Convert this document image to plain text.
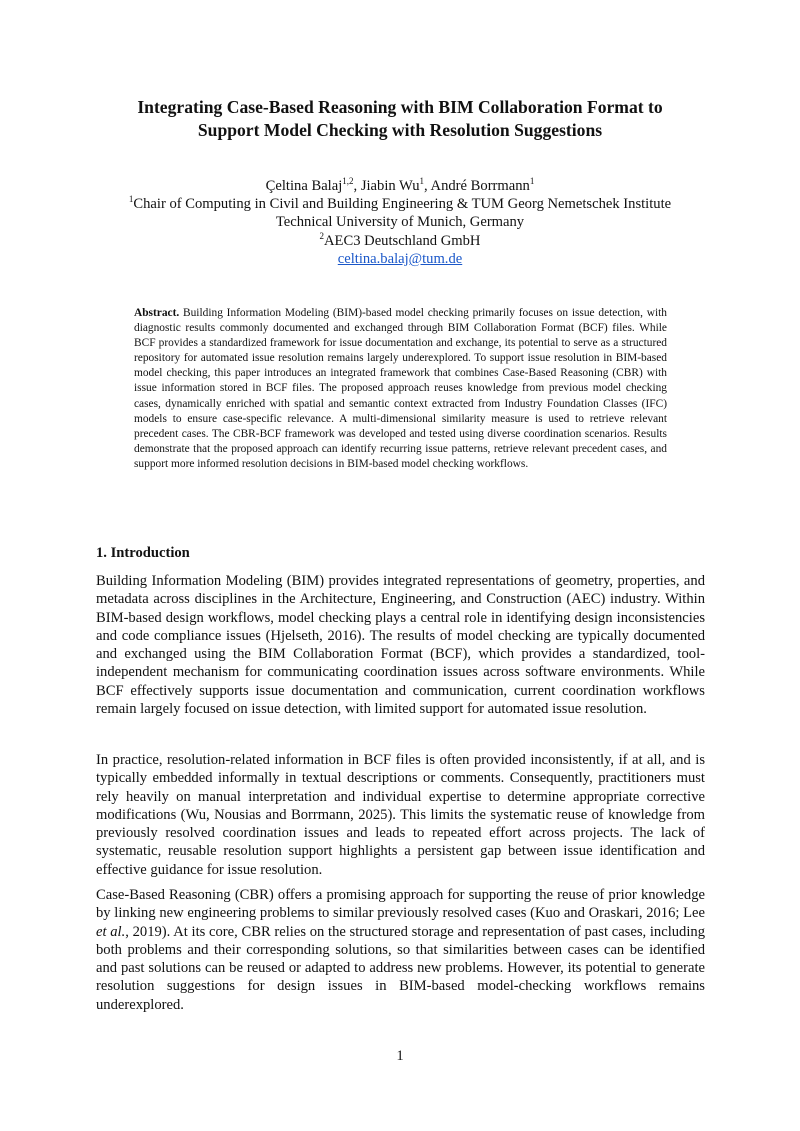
Integrating Case-Based Reasoning with BIM Collaboration Format to
Support Model Checking with Resolution Suggestions
Çeltina Balaj$^{1,2}$, Jiabin Wu$^1$, André Borrmann$^1$
$^1$Chair of Computing in Civil and Building Engineering & TUM Georg Nemetschek Institute
Technical University of Munich, Germany
$^2$AEC3 Deutschland GmbH
celtina.balaj@tum.de
Abstract. Building Information Modeling (BIM)-based model checking primarily focuses on issue detection, with diagnostic results commonly documented and exchanged through BIM Collaboration Format (BCF) files. While BCF provides a standardized framework for issue documentation and exchange, its potential to serve as a structured repository for automated issue resolution remains largely underexplored. To support issue resolution in BIM-based model checking, this paper introduces an integrated framework that combines Case-Based Reasoning (CBR) with issue information stored in BCF files. The proposed approach reuses knowledge from previous model checking cases, dynamically enriched with spatial and semantic context extracted from Industry Foundation Classes (IFC) models to ensure case-specific relevance. A multi-dimensional similarity measure is used to retrieve relevant precedent cases. The CBR-BCF framework was developed and tested using diverse coordination scenarios. Results demonstrate that the proposed approach can identify recurring issue patterns, retrieve relevant precedent cases, and support more informed resolution decisions in BIM-based model checking workflows.
1. Introduction

Building Information Modeling (BIM) provides integrated representations of geometry, properties, and metadata across disciplines in the Architecture, Engineering, and Construction (AEC) industry. Within BIM-based design workflows, model checking plays a central role in identifying design inconsistencies and code compliance issues (Hjelseth, 2016). The results of model checking are typically documented and exchanged using the BIM Collaboration Format (BCF), which provides a standardized, tool-independent mechanism for communicating coordination issues across software environments. While BCF effectively supports issue documentation and communication, current coordination workflows remain largely focused on issue detection, with limited support for automated issue resolution.

In practice, resolution-related information in BCF files is often provided inconsistently, if at all, and is typically embedded informally in textual descriptions or comments. Consequently, practitioners must rely heavily on manual interpretation and individual expertise to determine appropriate corrective modifications (Wu, Nousias and Borrmann, 2025). This limits the systematic reuse of knowledge from previously resolved coordination issues and leads to repeated effort across projects. The lack of systematic, reusable resolution support highlights a persistent gap between issue identification and effective guidance for issue resolution.

Case-Based Reasoning (CBR) offers a promising approach for supporting the reuse of prior knowledge by linking new engineering problems to similar previously resolved cases (Kuo and Oraskari, 2016; Lee et al., 2019). At its core, CBR relies on the structured storage and representation of past cases, including both problems and their corresponding solutions, so that similarities between cases can be identified and past solutions can be reused or adapted to address new problems. However, its potential to generate resolution suggestions for design issues in BIM-based model-checking workflows remains underexplored.

1
